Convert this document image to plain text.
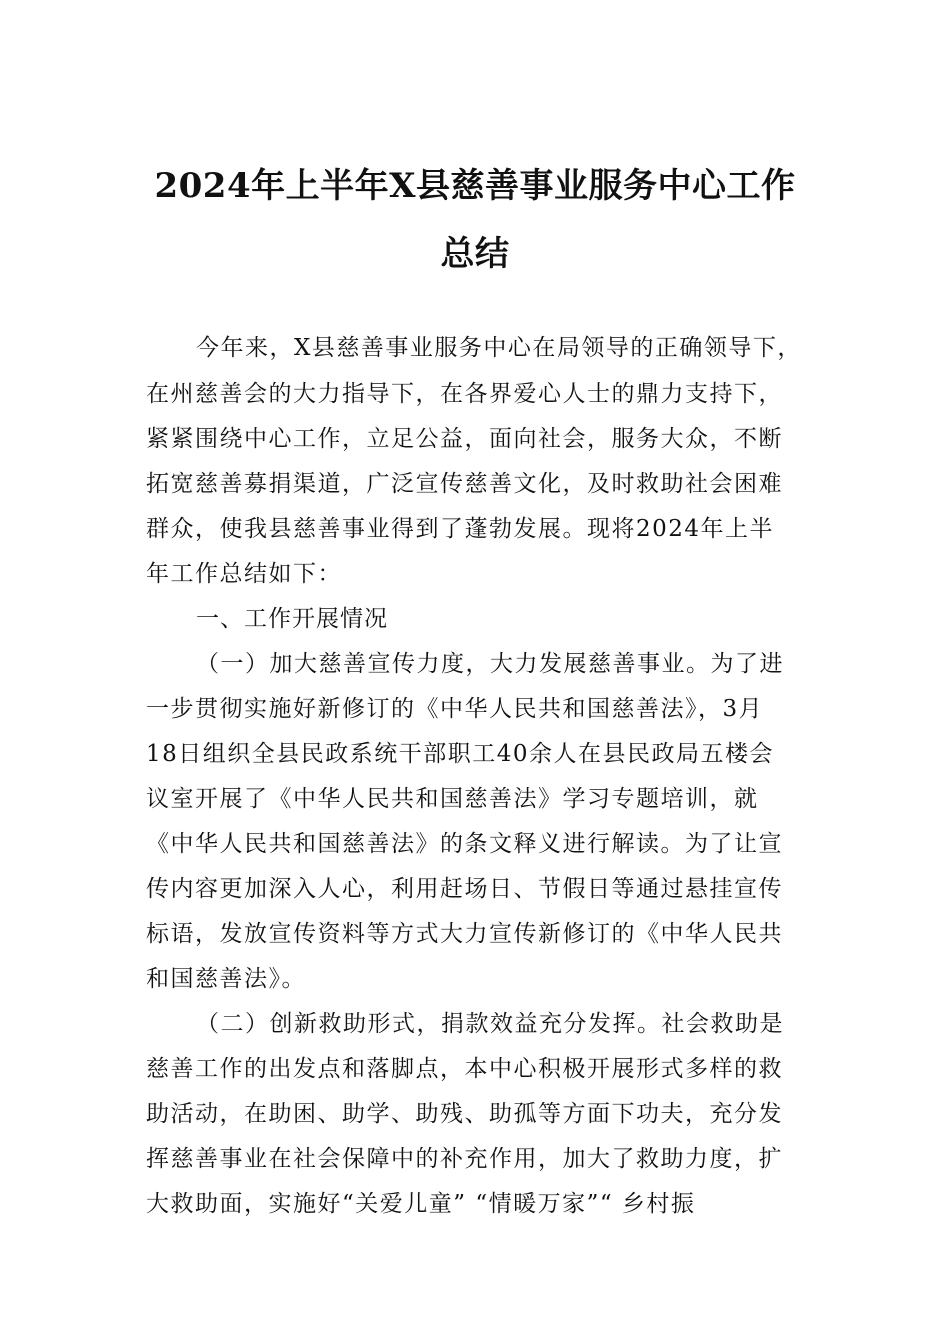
2024年上半年X县慈善事业服务中心工作
总结
今年来，X县慈善事业服务中心在局领导的正确领导下，
在州慈善会的大力指导下，在各界爱心人士的鼎力支持下，
紧紧围绕中心工作，立足公益，面向社会，服务大众，不断
拓宽慈善募捐渠道，广泛宣传慈善文化，及时救助社会困难
群众，使我县慈善事业得到了蓬勃发展。现将2024年上半
年工作总结如下：
一、工作开展情况
（一）加大慈善宣传力度，大力发展慈善事业。为了进
一步贯彻实施好新修订的《中华人民共和国慈善法》，3月
18日组织全县民政系统干部职工40余人在县民政局五楼会
议室开展了《中华人民共和国慈善法》学习专题培训，就
《中华人民共和国慈善法》的条文释义进行解读。为了让宣
传内容更加深入人心，利用赶场日、节假日等通过悬挂宣传
标语，发放宣传资料等方式大力宣传新修订的《中华人民共
和国慈善法》。
（二）创新救助形式，捐款效益充分发挥。社会救助是
慈善工作的出发点和落脚点，本中心积极开展形式多样的救
助活动，在助困、助学、助残、助孤等方面下功夫，充分发
挥慈善事业在社会保障中的补充作用，加大了救助力度，扩
大救助面，实施好“关爱儿童” “情暖万家”“ 乡村振
